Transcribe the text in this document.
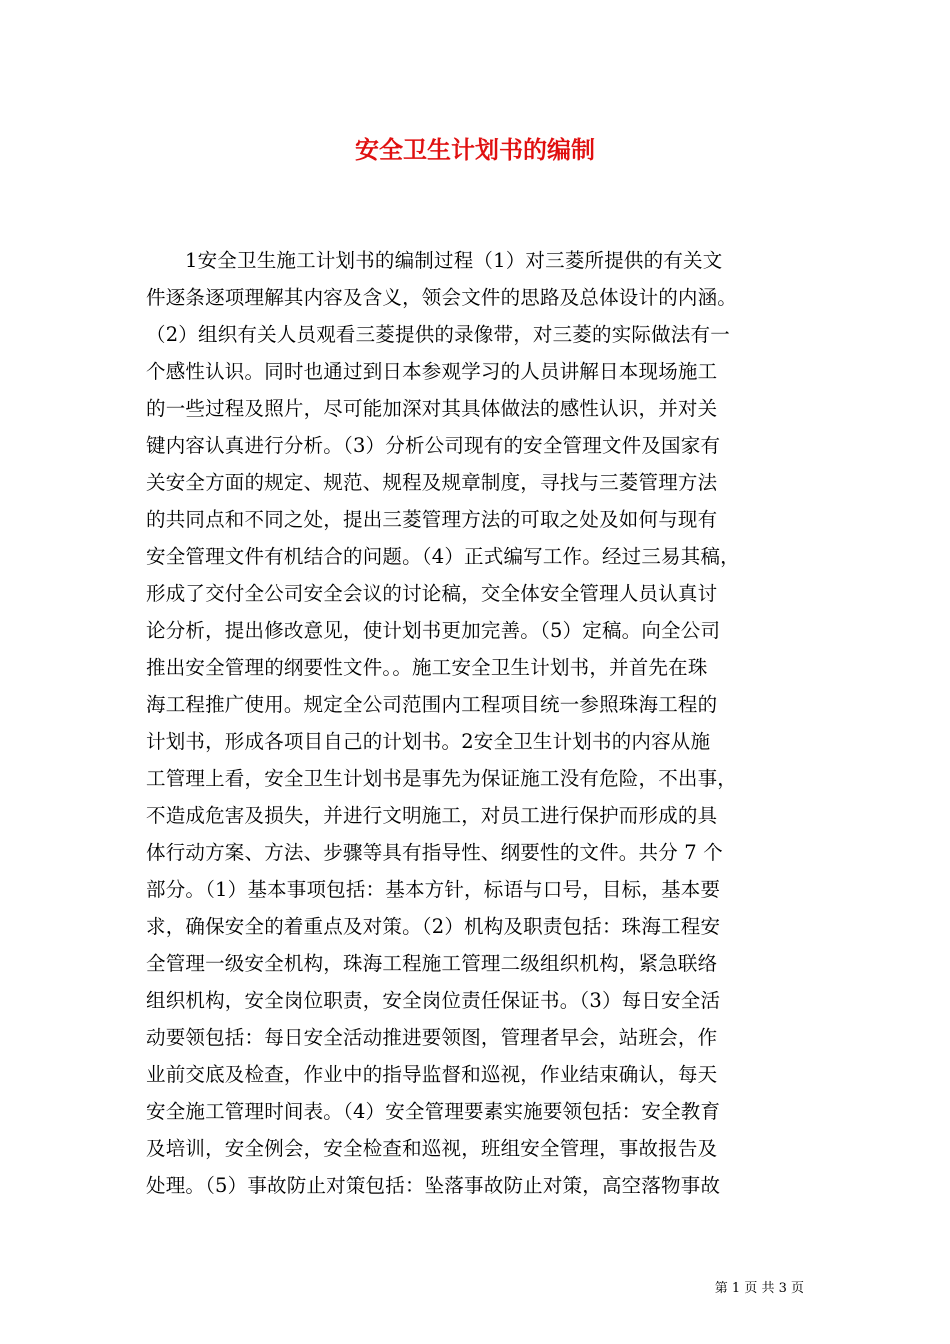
安全卫生计划书的编制
1安全卫生施工计划书的编制过程（1）对三菱所提供的有关文
件逐条逐项理解其内容及含义，领会文件的思路及总体设计的内涵。
（2）组织有关人员观看三菱提供的录像带，对三菱的实际做法有一
个感性认识。同时也通过到日本参观学习的人员讲解日本现场施工
的一些过程及照片，尽可能加深对其具体做法的感性认识，并对关
键内容认真进行分析。（3）分析公司现有的安全管理文件及国家有
关安全方面的规定、规范、规程及规章制度，寻找与三菱管理方法
的共同点和不同之处，提出三菱管理方法的可取之处及如何与现有
安全管理文件有机结合的问题。（4）正式编写工作。经过三易其稿，
形成了交付全公司安全会议的讨论稿，交全体安全管理人员认真讨
论分析，提出修改意见，使计划书更加完善。（5）定稿。向全公司
推出安全管理的纲要性文件。。施工安全卫生计划书，并首先在珠
海工程推广使用。规定全公司范围内工程项目统一参照珠海工程的
计划书，形成各项目自己的计划书。2安全卫生计划书的内容从施
工管理上看，安全卫生计划书是事先为保证施工没有危险，不出事，
不造成危害及损失，并进行文明施工，对员工进行保护而形成的具
体行动方案、方法、步骤等具有指导性、纲要性的文件。共分 7 个
部分。（1）基本事项包括：基本方针，标语与口号，目标，基本要
求，确保安全的着重点及对策。（2）机构及职责包括：珠海工程安
全管理一级安全机构，珠海工程施工管理二级组织机构，紧急联络
组织机构，安全岗位职责，安全岗位责任保证书。（3）每日安全活
动要领包括：每日安全活动推进要领图，管理者早会，站班会，作
业前交底及检查，作业中的指导监督和巡视，作业结束确认，每天
安全施工管理时间表。（4）安全管理要素实施要领包括：安全教育
及培训，安全例会，安全检查和巡视，班组安全管理，事故报告及
处理。（5）事故防止对策包括：坠落事故防止对策，高空落物事故
第 1 页 共 3 页
